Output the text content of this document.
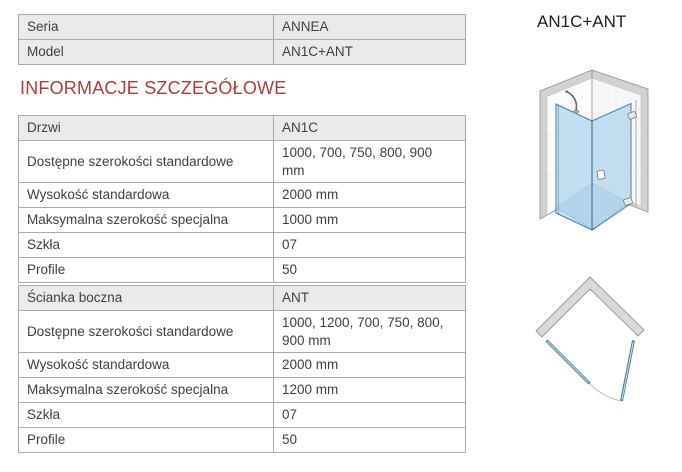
Seria	ANNEA
Model	AN1C+ANT
INFORMACJE SZCZEGÓŁOWE
Drzwi	AN1C
Dostępne szerokości standardowe	1000, 700, 750, 800, 900 mm
Wysokość standardowa	2000 mm
Maksymalna szerokość specjalna	1000 mm
Szkła	07
Profile	50
Ścianka boczna	ANT
Dostępne szerokości standardowe	1000, 1200, 700, 750, 800, 900 mm
Wysokość standardowa	2000 mm
Maksymalna szerokość specjalna	1200 mm
Szkła	07
Profile	50
AN1C+ANT
